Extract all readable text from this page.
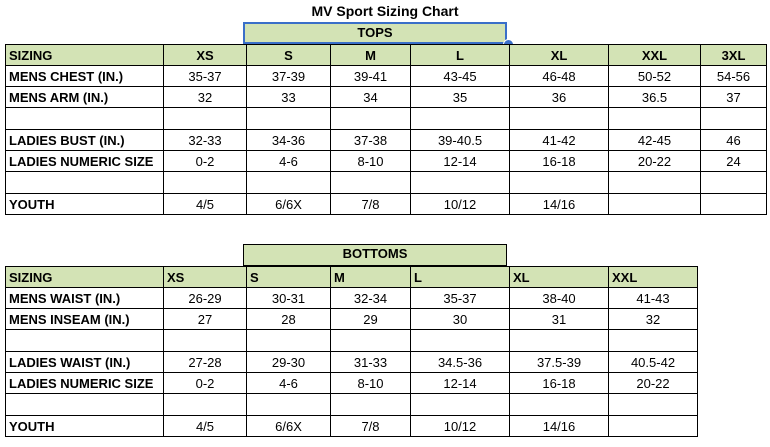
MV Sport Sizing Chart
TOPS
SIZING	XS	S	M	L	XL	XXL	3XL
MENS CHEST (IN.)	35-37	37-39	39-41	43-45	46-48	50-52	54-56
MENS ARM (IN.)	32	33	34	35	36	36.5	37

LADIES BUST (IN.)	32-33	34-36	37-38	39-40.5	41-42	42-45	46
LADIES NUMERIC SIZE	0-2	4-6	8-10	12-14	16-18	20-22	24

YOUTH	4/5	6/6X	7/8	10/12	14/16		
BOTTOMS
SIZING	XS	S	M	L	XL	XXL
MENS WAIST (IN.)	26-29	30-31	32-34	35-37	38-40	41-43
MENS INSEAM (IN.)	27	28	29	30	31	32

LADIES WAIST (IN.)	27-28	29-30	31-33	34.5-36	37.5-39	40.5-42
LADIES NUMERIC SIZE	0-2	4-6	8-10	12-14	16-18	20-22

YOUTH	4/5	6/6X	7/8	10/12	14/16	
